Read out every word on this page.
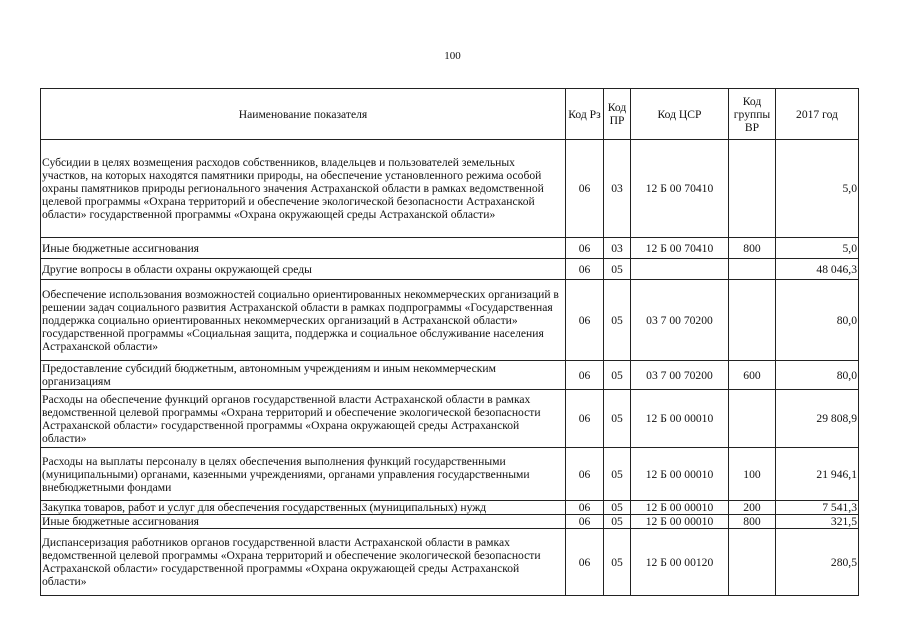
100
Наименование показателя	Код Рз	Код ПР	Код ЦСР	Код группы ВР	2017 год
Субсидии в целях возмещения расходов собственников, владельцев и пользователей земельных участков, на которых находятся памятники природы, на обеспечение установленного режима особой охраны памятников природы регионального значения Астраханской области в рамках ведомственной целевой программы «Охрана территорий и обеспечение экологической безопасности Астраханской области» государственной программы «Охрана окружающей среды Астраханской области»	06	03	12 Б 00 70410		5,0
Иные бюджетные ассигнования	06	03	12 Б 00 70410	800	5,0
Другие вопросы в области охраны окружающей среды	06	05			48 046,3
Обеспечение использования возможностей социально ориентированных некоммерческих организаций в решении задач социального развития Астраханской области в рамках подпрограммы «Государственная поддержка социально ориентированных некоммерческих организаций в Астраханской области» государственной программы «Социальная защита, поддержка и социальное обслуживание населения Астраханской области»	06	05	03 7 00 70200		80,0
Предоставление субсидий бюджетным, автономным учреждениям и иным некоммерческим организациям	06	05	03 7 00 70200	600	80,0
Расходы на обеспечение функций органов государственной власти Астраханской области в рамках ведомственной целевой программы «Охрана территорий и обеспечение экологической безопасности Астраханской области» государственной программы «Охрана окружающей среды Астраханской области»	06	05	12 Б 00 00010		29 808,9
Расходы на выплаты персоналу в целях обеспечения выполнения функций государственными (муниципальными) органами, казенными учреждениями, органами управления государственными внебюджетными фондами	06	05	12 Б 00 00010	100	21 946,1
Закупка товаров, работ и услуг для обеспечения государственных (муниципальных) нужд	06	05	12 Б 00 00010	200	7 541,3
Иные бюджетные ассигнования	06	05	12 Б 00 00010	800	321,5
Диспансеризация работников органов государственной власти Астраханской области в рамках ведомственной целевой программы «Охрана территорий и обеспечение экологической безопасности Астраханской области» государственной программы «Охрана окружающей среды Астраханской области»	06	05	12 Б 00 00120		280,5
